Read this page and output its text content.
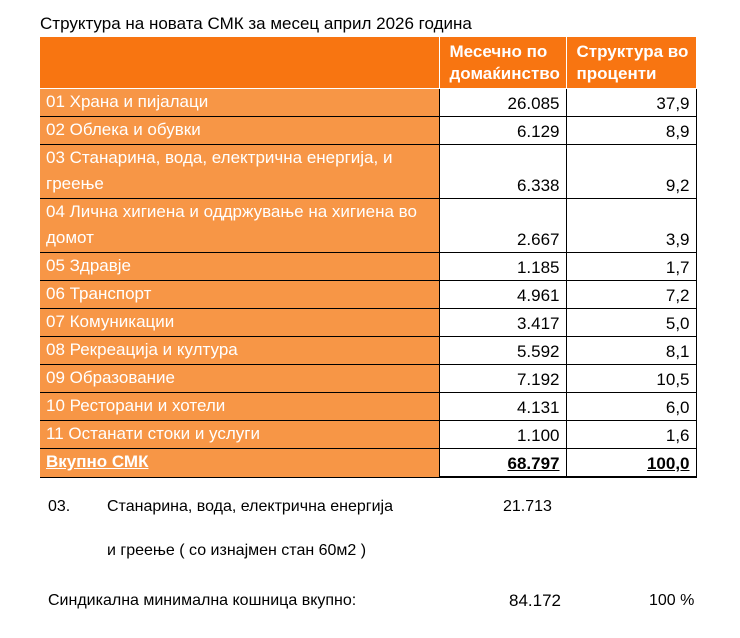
Структура на новата СМК за месец април 2026 година
	Месечно по домаќинство	Структура во проценти
01 Храна и пијалаци	26.085	37,9
02 Облека и обувки	6.129	8,9
03 Станарина, вода, електрична енергија, и греење	6.338	9,2
04 Лична хигиена и оддржување на хигиена во домот	2.667	3,9
05 Здравје	1.185	1,7
06 Транспорт	4.961	7,2
07 Комуникации	3.417	5,0
08 Рекреација и култура	5.592	8,1
09 Образование	7.192	10,5
10 Ресторани и хотели	4.131	6,0
11 Останати стоки и услуги	1.100	1,6
Вкупно СМК	68.797	100,0
03. Станарина, вода, електрична енергија	21.713
и греење ( со изнајмен стан 60м2 )
Синдикална минимална кошница вкупно:	84.172	100 %
